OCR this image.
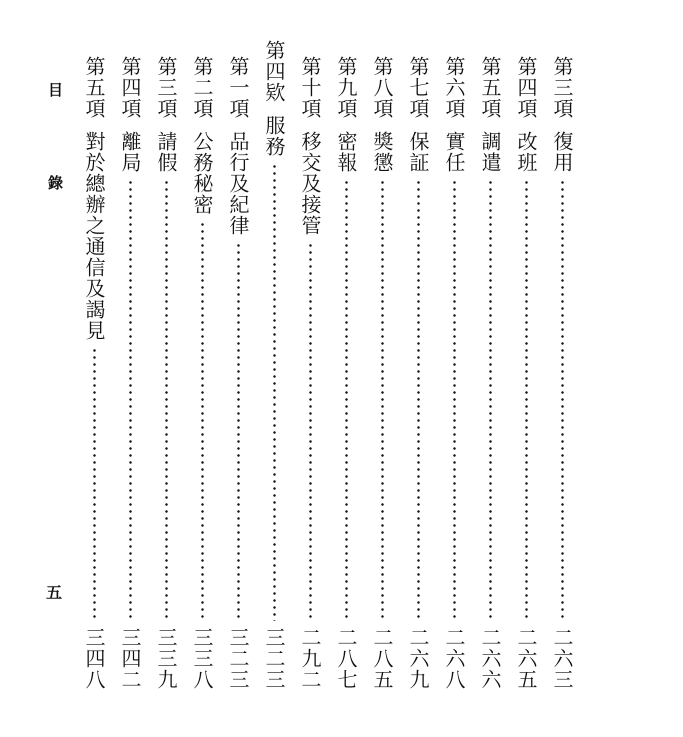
目 錄
五
第三項
復用
二六三
第四項
改班
二六五
第五項
調遣
二六六
第六項
實任
二六八
第七項
保証
二六九
第八項
獎懲
二八五
第九項
密報
二八七
第十項
移交及接管
二九二
第四欵
服務
三二三
第一項
品行及紀律
三二三
第二項
公務秘密
三三八
第三項
請假
三三九
第四項
離局
三四二
第五項
對於總辦之通信及謁見
三四八
